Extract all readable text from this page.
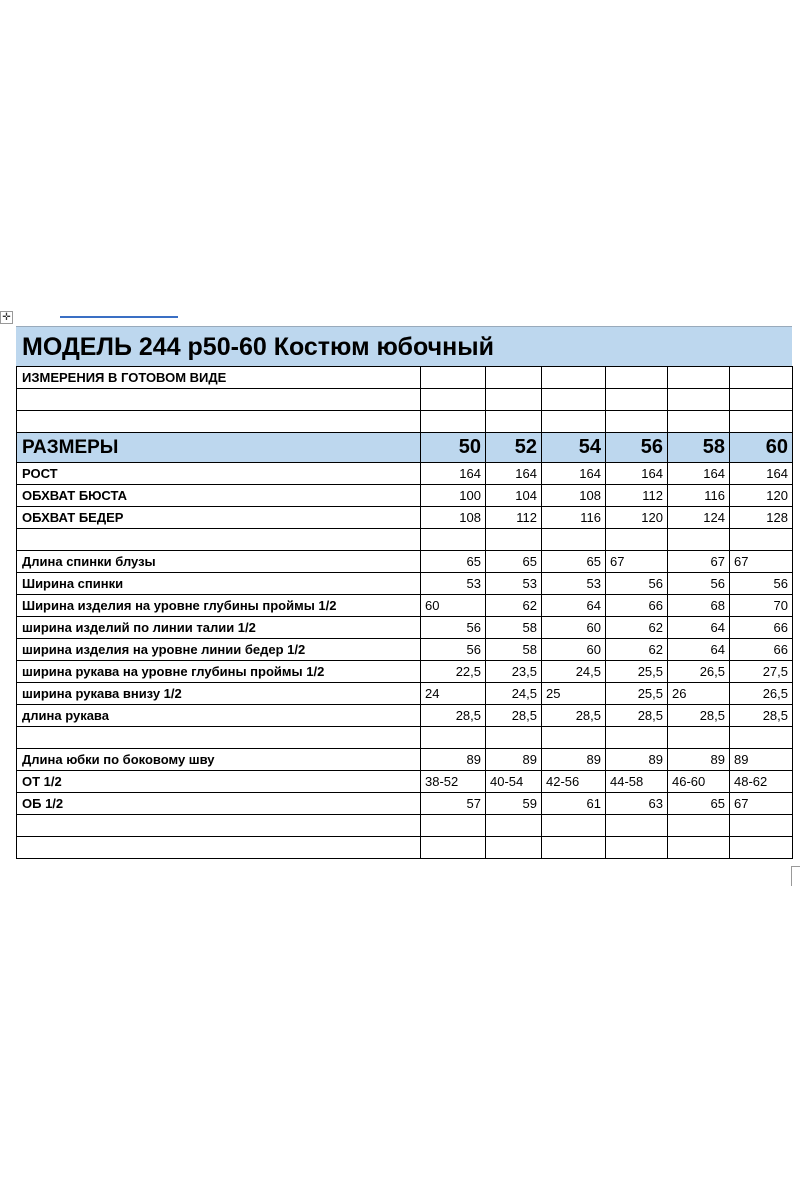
✛
МОДЕЛЬ 244 р50-60 Костюм юбочный
ИЗМЕРЕНИЯ В ГОТОВОМ ВИДЕ						

РАЗМЕРЫ	50	52	54	56	58	60
РОСТ	164	164	164	164	164	164
ОБХВАТ БЮСТА	100	104	108	112	116	120
ОБХВАТ БЕДЕР	108	112	116	120	124	128

Длина спинки блузы	65	65	65	67	67	67
Ширина спинки	53	53	53	56	56	56
Ширина изделия на уровне глубины проймы 1/2	60	62	64	66	68	70
ширина изделий по линии талии 1/2	56	58	60	62	64	66
ширина изделия на уровне линии бедер 1/2	56	58	60	62	64	66
ширина рукава на уровне глубины проймы 1/2	22,5	23,5	24,5	25,5	26,5	27,5
ширина рукава внизу 1/2	24	24,5	25	25,5	26	26,5
длина рукава	28,5	28,5	28,5	28,5	28,5	28,5

Длина юбки по боковому шву	89	89	89	89	89	89
ОТ 1/2	38-52	40-54	42-56	44-58	46-60	48-62
ОБ 1/2	57	59	61	63	65	67
